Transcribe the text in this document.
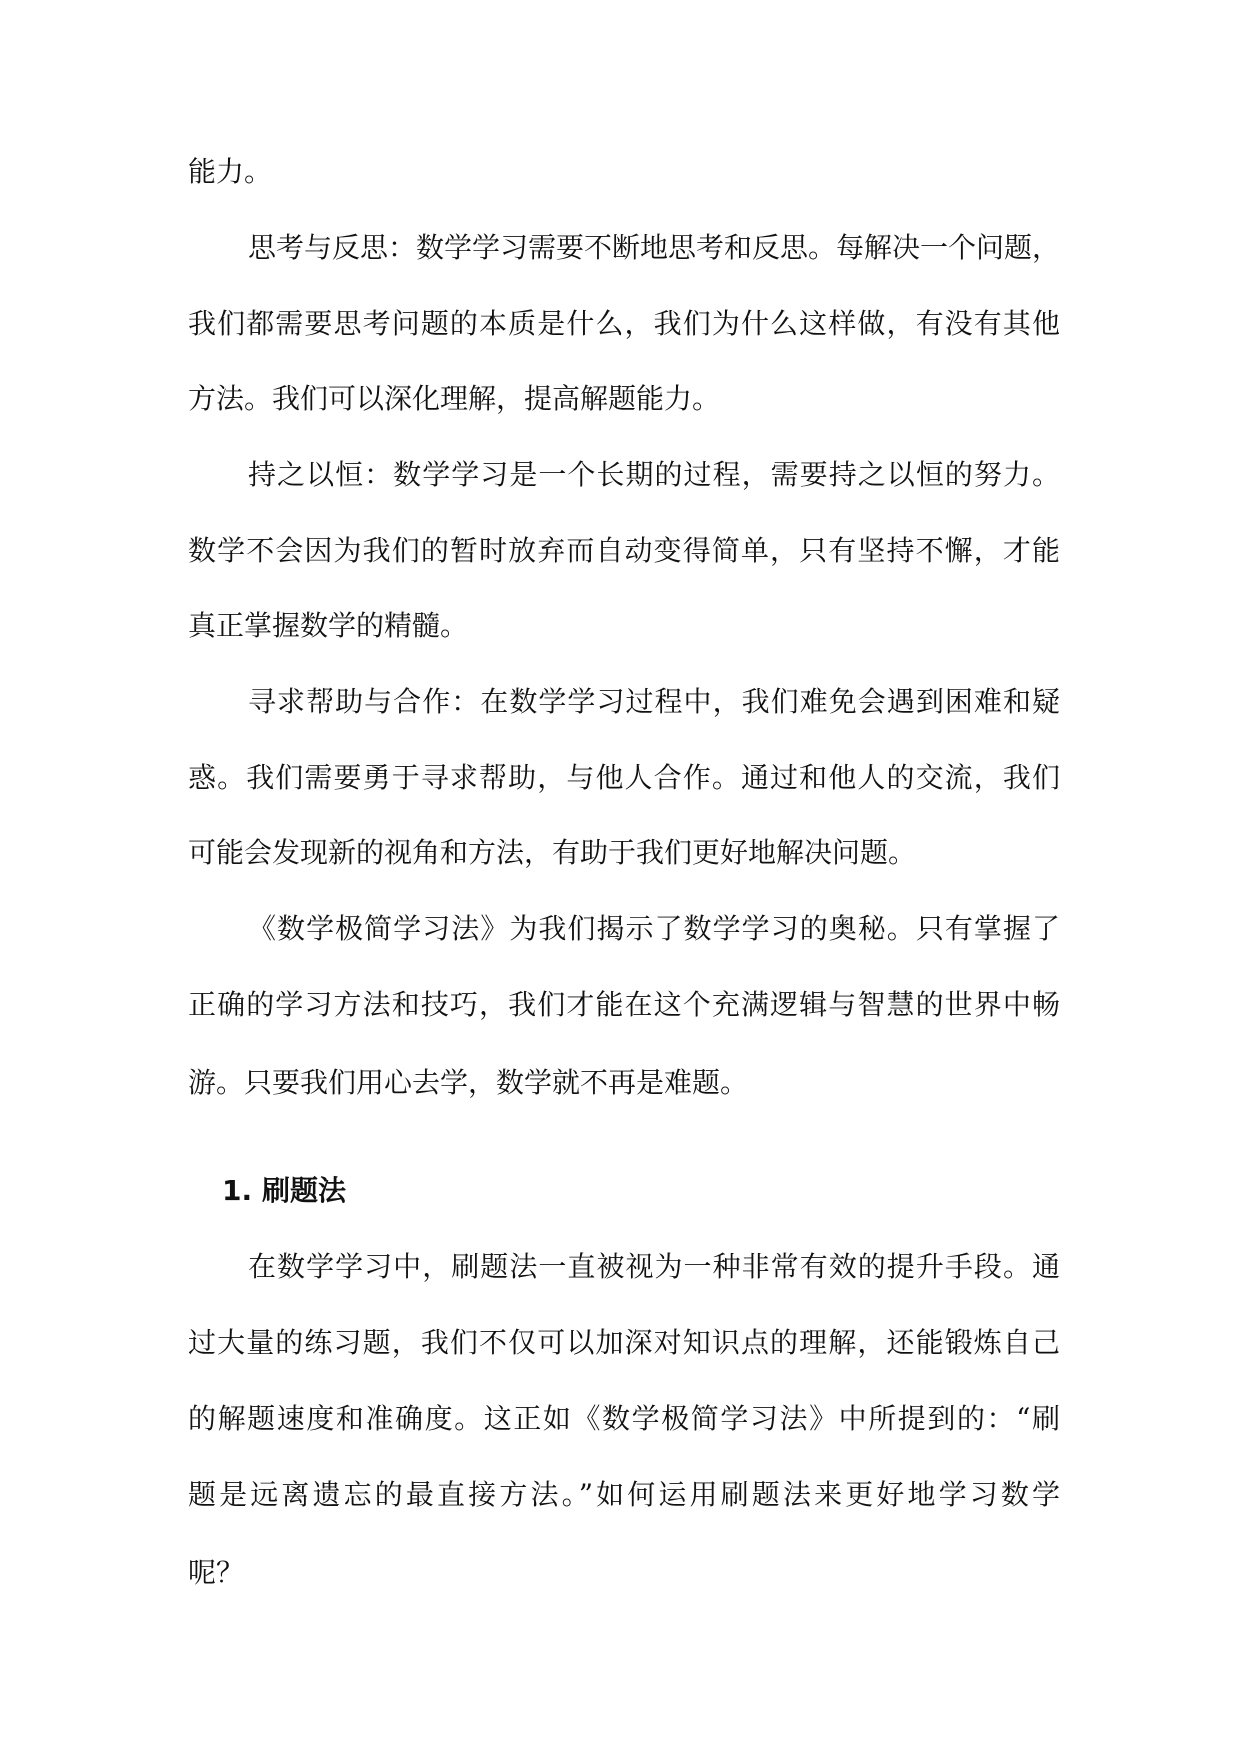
能力。
思考与反思：数学学习需要不断地思考和反思。每解决一个问题，
我们都需要思考问题的本质是什么，我们为什么这样做，有没有其他
方法。我们可以深化理解，提高解题能力。
持之以恒：数学学习是一个长期的过程，需要持之以恒的努力。
数学不会因为我们的暂时放弃而自动变得简单，只有坚持不懈，才能
真正掌握数学的精髓。
寻求帮助与合作：在数学学习过程中，我们难免会遇到困难和疑
惑。我们需要勇于寻求帮助，与他人合作。通过和他人的交流，我们
可能会发现新的视角和方法，有助于我们更好地解决问题。
《数学极简学习法》为我们揭示了数学学习的奥秘。只有掌握了
正确的学习方法和技巧，我们才能在这个充满逻辑与智慧的世界中畅
游。只要我们用心去学，数学就不再是难题。
1. 刷题法
在数学学习中，刷题法一直被视为一种非常有效的提升手段。通
过大量的练习题，我们不仅可以加深对知识点的理解，还能锻炼自己
的解题速度和准确度。这正如《数学极简学习法》中所提到的：“刷
题是远离遗忘的最直接方法。”如何运用刷题法来更好地学习数学
呢？
